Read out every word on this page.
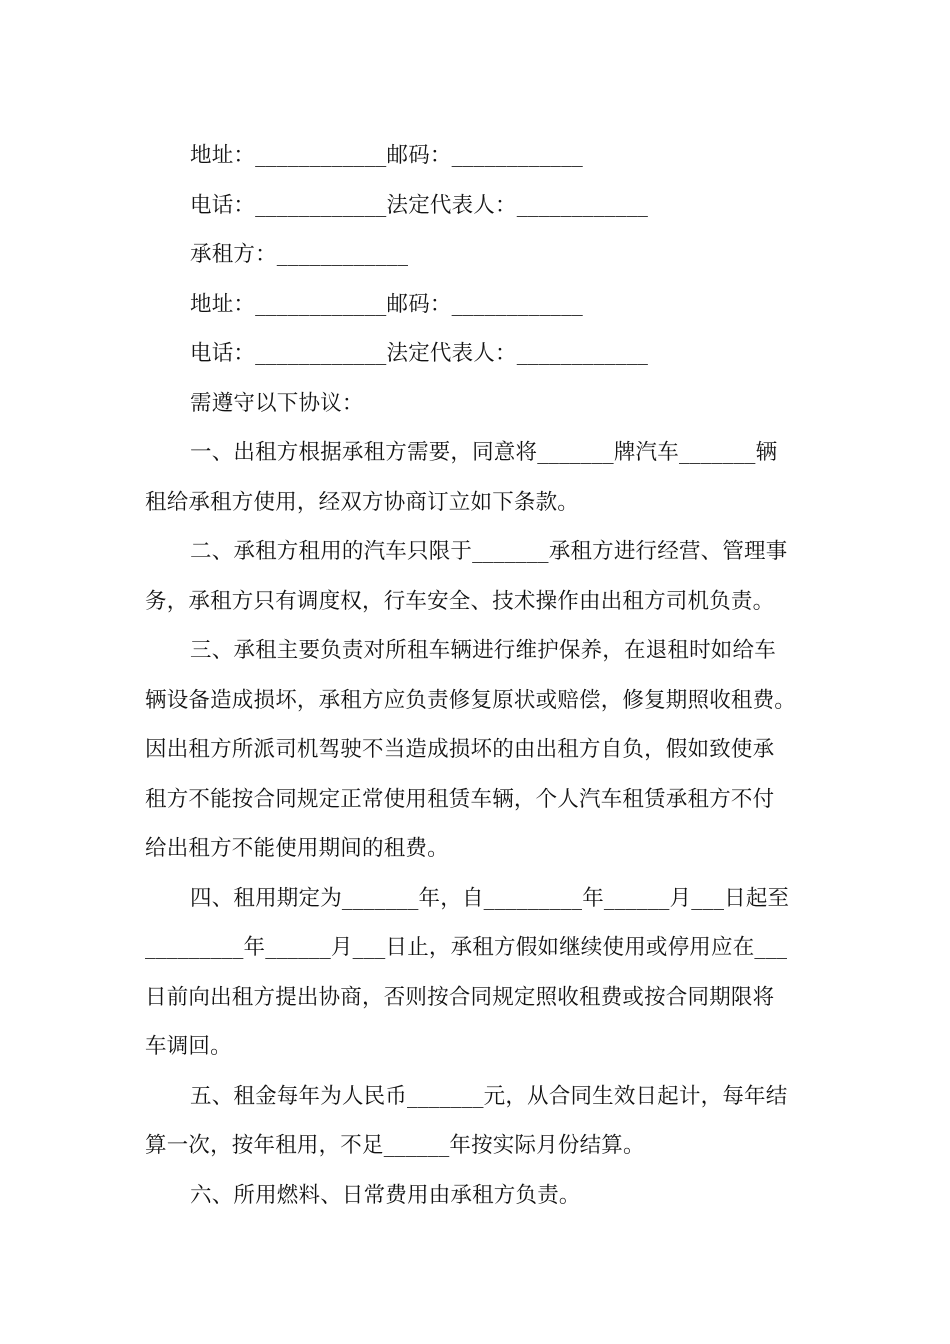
地址：____________邮码：____________
电话：____________法定代表人：____________
承租方：____________
地址：____________邮码：____________
电话：____________法定代表人：____________
需遵守以下协议：
一、出租方根据承租方需要，同意将_______牌汽车_______辆
租给承租方使用，经双方协商订立如下条款。
二、承租方租用的汽车只限于_______承租方进行经营、管理事
务，承租方只有调度权，行车安全、技术操作由出租方司机负责。
三、承租主要负责对所租车辆进行维护保养，在退租时如给车
辆设备造成损坏，承租方应负责修复原状或赔偿，修复期照收租费。
因出租方所派司机驾驶不当造成损坏的由出租方自负，假如致使承
租方不能按合同规定正常使用租赁车辆，个人汽车租赁承租方不付
给出租方不能使用期间的租费。
四、租用期定为_______年，自_________年______月___日起至
_________年______月___日止，承租方假如继续使用或停用应在___
日前向出租方提出协商，否则按合同规定照收租费或按合同期限将
车调回。
五、租金每年为人民币_______元，从合同生效日起计，每年结
算一次，按年租用，不足______年按实际月份结算。
六、所用燃料、日常费用由承租方负责。
